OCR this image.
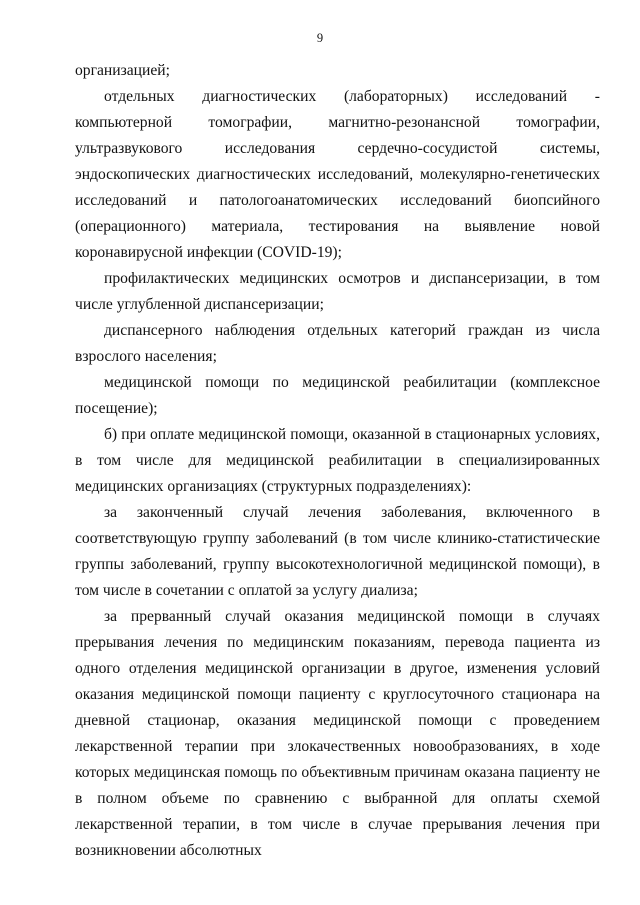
9

организацией;

отдельных диагностических (лабораторных) исследований - компьютерной томографии, магнитно-резонансной томографии, ультразвукового исследования сердечно-сосудистой системы, эндоскопических диагностических исследований, молекулярно-генетических исследований и патологоанатомических исследований биопсийного (операционного) материала, тестирования на выявление новой коронавирусной инфекции (COVID-19);

профилактических медицинских осмотров и диспансеризации, в том числе углубленной диспансеризации;

диспансерного наблюдения отдельных категорий граждан из числа взрослого населения;

медицинской помощи по медицинской реабилитации (комплексное посещение);

б) при оплате медицинской помощи, оказанной в стационарных условиях, в том числе для медицинской реабилитации в специализированных медицинских организациях (структурных подразделениях):

за законченный случай лечения заболевания, включенного в соответствующую группу заболеваний (в том числе клинико-статистические группы заболеваний, группу высокотехнологичной медицинской помощи), в том числе в сочетании с оплатой за услугу диализа;

за прерванный случай оказания медицинской помощи в случаях прерывания лечения по медицинским показаниям, перевода пациента из одного отделения медицинской организации в другое, изменения условий оказания медицинской помощи пациенту с круглосуточного стационара на дневной стационар, оказания медицинской помощи с проведением лекарственной терапии при злокачественных новообразованиях, в ходе которых медицинская помощь по объективным причинам оказана пациенту не в полном объеме по сравнению с выбранной для оплаты схемой лекарственной терапии, в том числе в случае прерывания лечения при возникновении абсолютных
